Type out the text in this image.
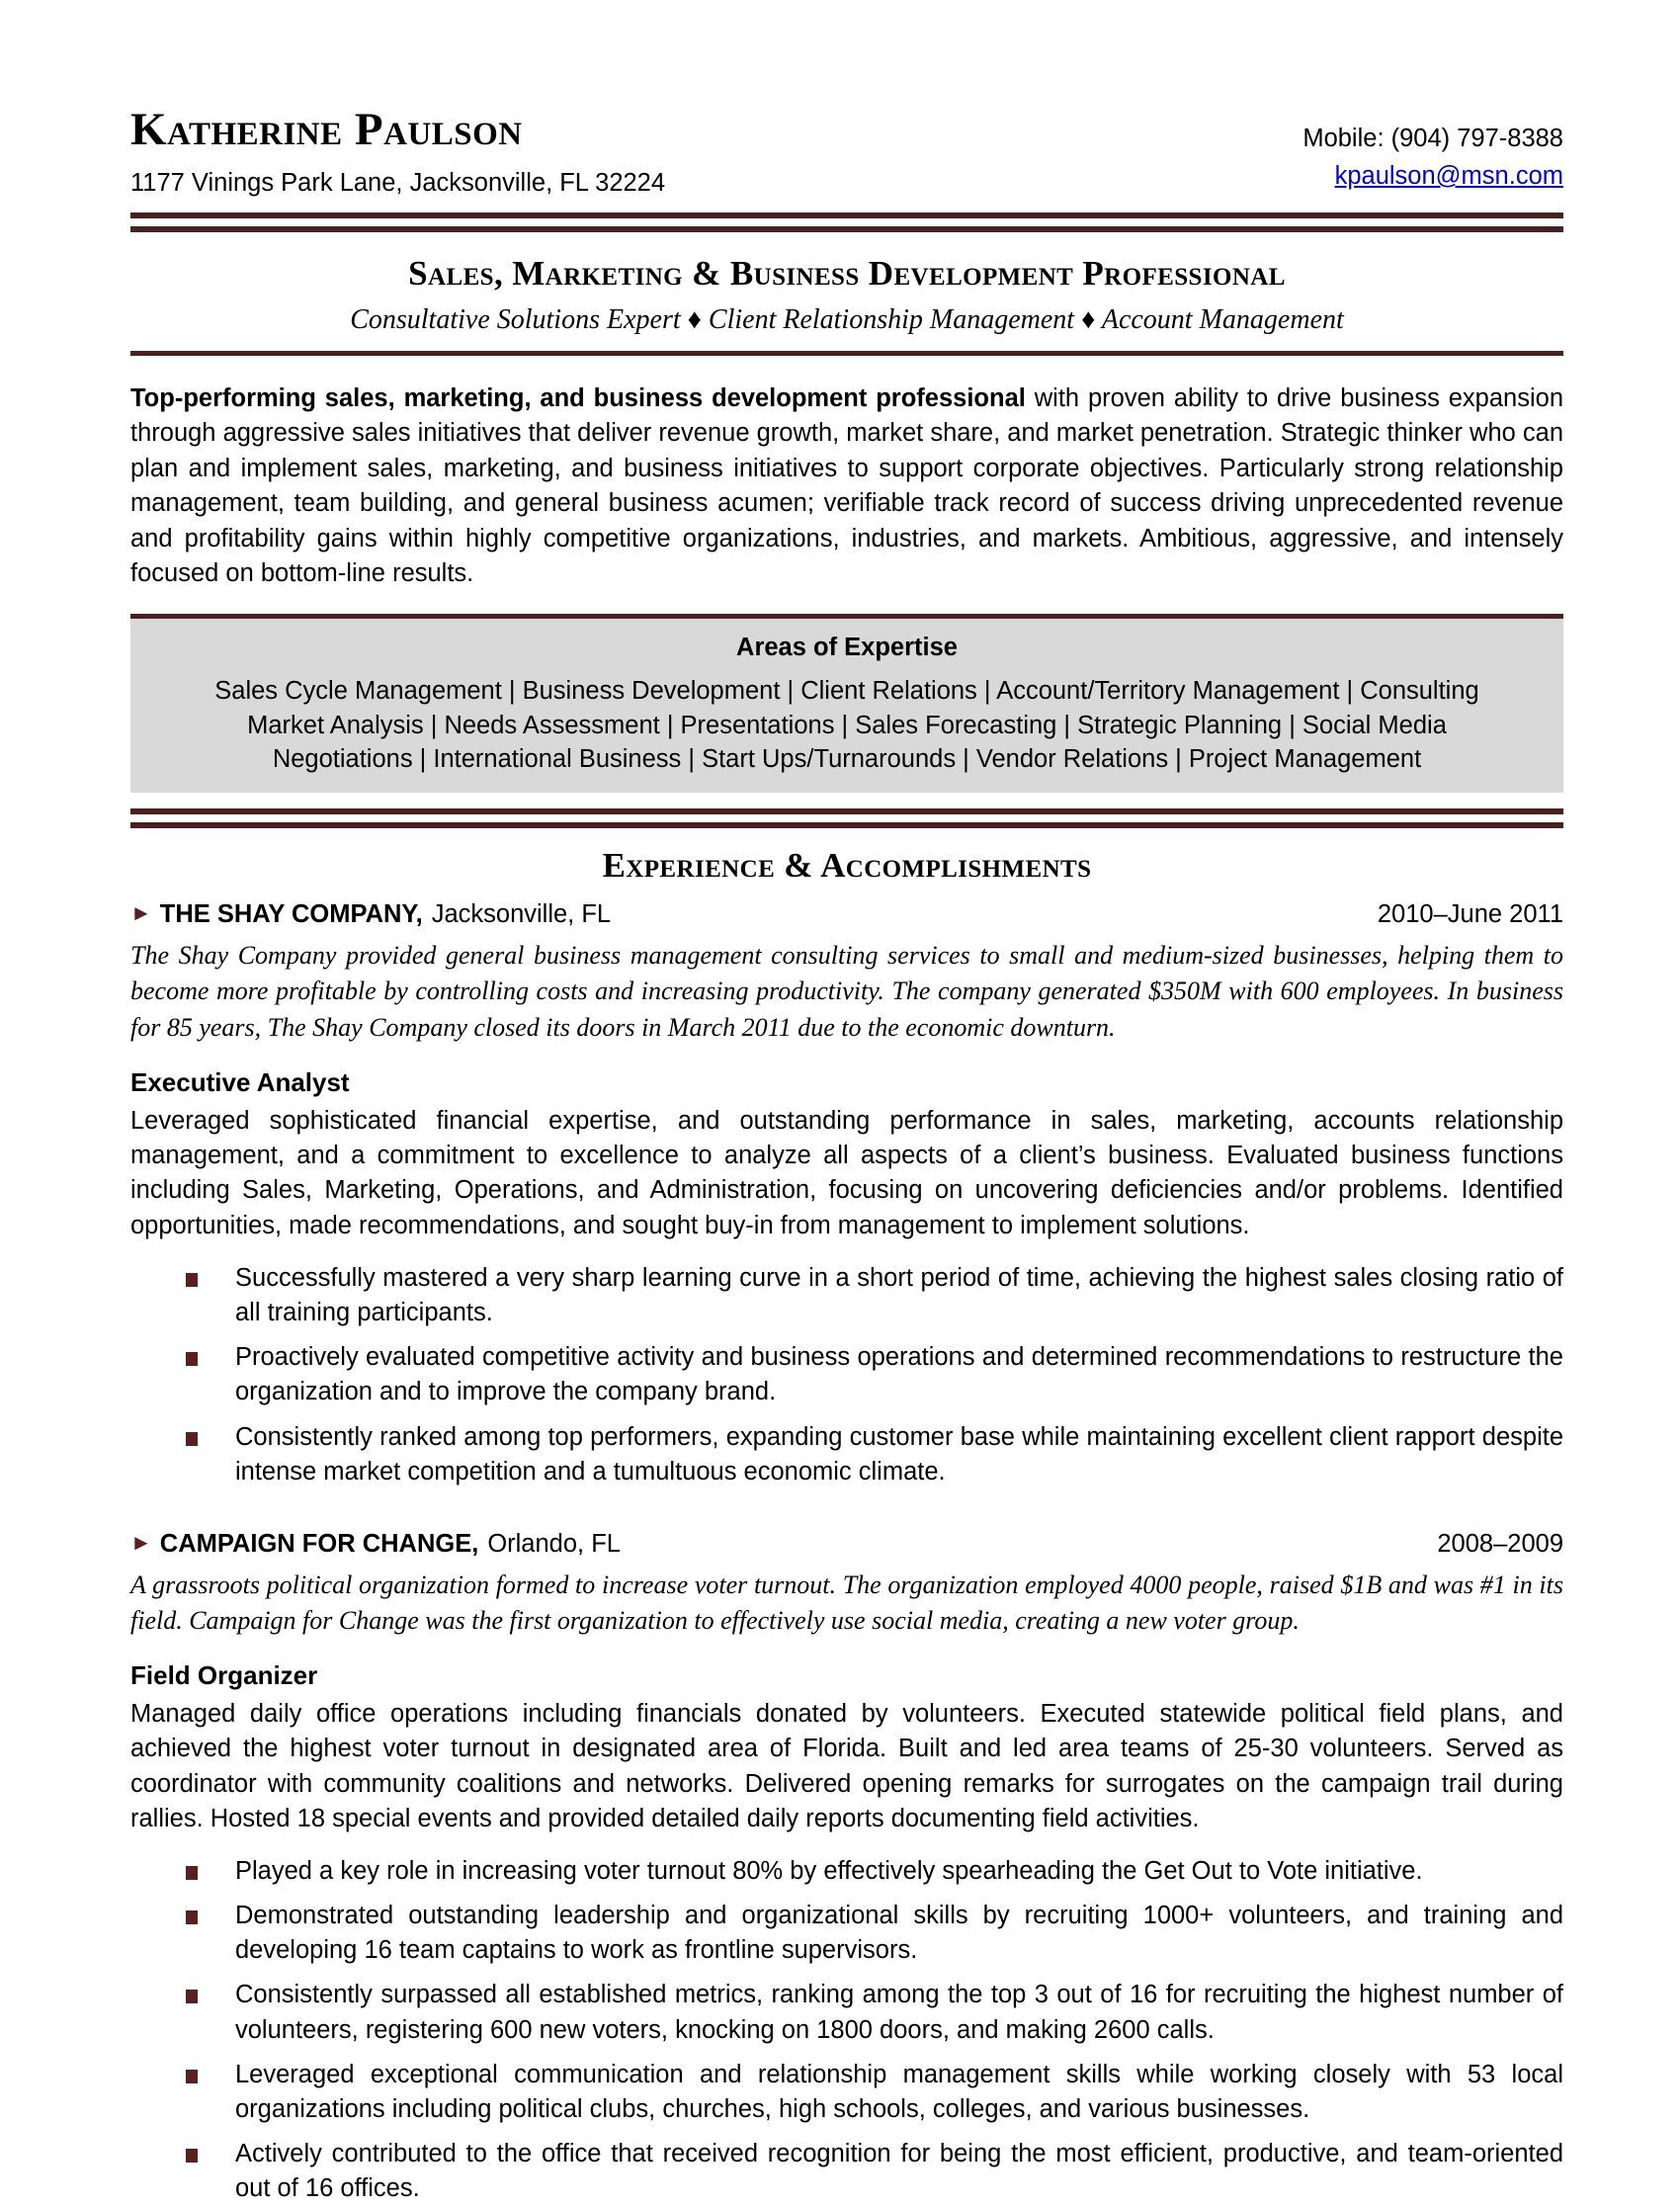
Katherine Paulson
1177 Vinings Park Lane, Jacksonville, FL 32224
Mobile: (904) 797-8388
kpaulson@msn.com
Sales, Marketing & Business Development Professional
Consultative Solutions Expert ♦ Client Relationship Management ♦ Account Management
Top-performing sales, marketing, and business development professional with proven ability to drive business expansion through aggressive sales initiatives that deliver revenue growth, market share, and market penetration. Strategic thinker who can plan and implement sales, marketing, and business initiatives to support corporate objectives. Particularly strong relationship management, team building, and general business acumen; verifiable track record of success driving unprecedented revenue and profitability gains within highly competitive organizations, industries, and markets. Ambitious, aggressive, and intensely focused on bottom-line results.
Areas of Expertise
Sales Cycle Management | Business Development | Client Relations | Account/Territory Management | Consulting
Market Analysis | Needs Assessment | Presentations | Sales Forecasting | Strategic Planning | Social Media
Negotiations | International Business | Start Ups/Turnarounds | Vendor Relations | Project Management
Experience & Accomplishments
► THE SHAY COMPANY, Jacksonville, FL	2010–June 2011
The Shay Company provided general business management consulting services to small and medium-sized businesses, helping them to become more profitable by controlling costs and increasing productivity. The company generated $350M with 600 employees. In business for 85 years, The Shay Company closed its doors in March 2011 due to the economic downturn.
Executive Analyst
Leveraged sophisticated financial expertise, and outstanding performance in sales, marketing, accounts relationship management, and a commitment to excellence to analyze all aspects of a client’s business. Evaluated business functions including Sales, Marketing, Operations, and Administration, focusing on uncovering deficiencies and/or problems. Identified opportunities, made recommendations, and sought buy-in from management to implement solutions.
Successfully mastered a very sharp learning curve in a short period of time, achieving the highest sales closing ratio of all training participants.
Proactively evaluated competitive activity and business operations and determined recommendations to restructure the organization and to improve the company brand.
Consistently ranked among top performers, expanding customer base while maintaining excellent client rapport despite intense market competition and a tumultuous economic climate.
► CAMPAIGN FOR CHANGE, Orlando, FL	2008–2009
A grassroots political organization formed to increase voter turnout. The organization employed 4000 people, raised $1B and was #1 in its field. Campaign for Change was the first organization to effectively use social media, creating a new voter group.
Field Organizer
Managed daily office operations including financials donated by volunteers. Executed statewide political field plans, and achieved the highest voter turnout in designated area of Florida. Built and led area teams of 25-30 volunteers. Served as coordinator with community coalitions and networks. Delivered opening remarks for surrogates on the campaign trail during rallies. Hosted 18 special events and provided detailed daily reports documenting field activities.
Played a key role in increasing voter turnout 80% by effectively spearheading the Get Out to Vote initiative.
Demonstrated outstanding leadership and organizational skills by recruiting 1000+ volunteers, and training and developing 16 team captains to work as frontline supervisors.
Consistently surpassed all established metrics, ranking among the top 3 out of 16 for recruiting the highest number of volunteers, registering 600 new voters, knocking on 1800 doors, and making 2600 calls.
Leveraged exceptional communication and relationship management skills while working closely with 53 local organizations including political clubs, churches, high schools, colleges, and various businesses.
Actively contributed to the office that received recognition for being the most efficient, productive, and team-oriented out of 16 offices.
